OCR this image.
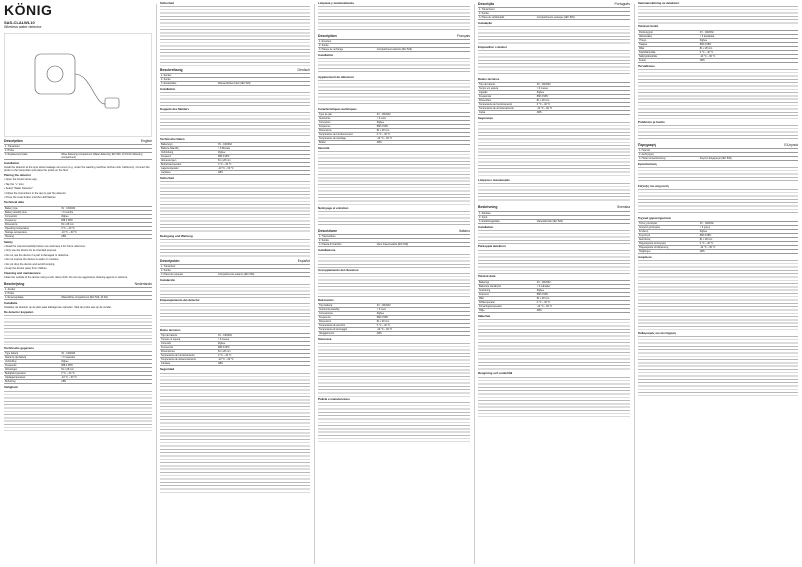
KÖNIG
SAS-CLALWL10
Wireless water detector
Description	English
1. Transmitter	
2. Probe	
3. Replacement plate	Wave flattening compartment (Water-flattening: IEC 529, 10 KΩ for flattening compartment)
Installation

Install the detector at the spot where leakage can occur (e.g. under the washing machine, kitchen sink, bathroom). Connect the probe to the transmitter and place the probe on the floor.

Pairing the detector

• Open the Smart Home app.

• Tap the "+" icon.

• Select "Water Detector".

• Follow the instructions in the app to pair the detector.

• Press the reset button until the LED flashes.

Technical data
Battery type	3V - CR2032
Battery standby time	> 6 months
Connection	Zigbee
Frequency	868.3 MHz
Dimensions	81 x 28 mm
Operating temperature	0 °C ~ 40 °C
Storage temperature	-10 °C ~ 60 °C
Housing	ABS
Safety

• Read the manual carefully before use and keep it for future reference.

• Only use the device for its intended purpose.

• Do not use the device if a part is damaged or defective.

• Do not expose the device to water or moisture.

• Do not drop the device and avoid bumping.

• Keep the device away from children.

Cleaning and maintenance

Clean the outside of the device using a soft, damp cloth. Do not use aggressive cleaning agents or solvents.

Beschrijving	Nederlands
1. Zender	
2. Probe	
3. Reserveplaatje	Waterdichte compartiment (IEC 529, 10 KΩ)
Installatie

Installeer de detector op de plek waar lekkage kan optreden. Sluit de probe aan op de zender.

De detector koppelen
Technische gegevens
Type batterij	3V - CR2032
Stand-by tijd batterij	> 6 maanden
Verbinding	Zigbee
Frequentie	868.3 MHz
Afmetingen	81 x 28 mm
Bedrijfstemperatuur	0 °C ~ 40 °C
Opslagtemperatuur	-10 °C ~ 60 °C
Behuizing	ABS
Veiligheid
Sicherheit
Beschreibung	Deutsch
1. Sender	
2. Sonde	
3. Ersatzplatte	Wasserdichtes Fach (IEC 529)
Installation
Koppeln des Melders
Technische Daten
Batterietyp	3V - CR2032
Batterie-Standby	> 6 Monate
Verbindung	Zigbee
Frequenz	868.3 MHz
Abmessungen	81 x 28 mm
Betriebstemperatur	0 °C ~ 40 °C
Lagertemperatur	-10 °C ~ 60 °C
Gehäuse	ABS
Sicherheit
Reinigung und Wartung
Descripción	Español
1. Transmisor	
2. Sonda	
3. Placa de repuesto	Compartimento estanco (IEC 529)
Instalación
Emparejamiento del detector
Datos técnicos
Tipo de batería	3V - CR2032
Tiempo en espera	> 6 meses
Conexión	Zigbee
Frecuencia	868.3 MHz
Dimensiones	81 x 28 mm
Temperatura de funcionamiento	0 °C ~ 40 °C
Temperatura de almacenamiento	-10 °C ~ 60 °C
Carcasa	ABS
Seguridad
Limpieza y mantenimiento
Description	Français
1. Émetteur	
2. Sonde	
3. Plaque de rechange	Compartiment étanche (IEC 529)
Installation
Appairement du détecteur
Caractéristiques techniques
Type de pile	3V - CR2032
Autonomie	> 6 mois
Connexion	Zigbee
Fréquence	868.3 MHz
Dimensions	81 x 28 mm
Température de fonctionnement	0 °C ~ 40 °C
Température de stockage	-10 °C ~ 60 °C
Boîtier	ABS
Sécurité
Nettoyage et entretien
Descrizione	Italiano
1. Trasmettitore	
2. Sonda	
3. Piastra di ricambio	Vano impermeabile (IEC 529)
Installazione
Accoppiamento del rilevatore
Dati tecnici
Tipo batteria	3V - CR2032
Autonomia standby	> 6 mesi
Connessione	Zigbee
Frequenza	868.3 MHz
Dimensioni	81 x 28 mm
Temperatura di esercizio	0 °C ~ 40 °C
Temperatura di stoccaggio	-10 °C ~ 60 °C
Alloggiamento	ABS
Sicurezza
Pulizia e manutenzione
Descrição	Português
1. Transmissor	
2. Sonda	
3. Placa de substituição	Compartimento estanque (IEC 529)
Instalação
Emparelhar o detetor
Dados técnicos
Tipo de bateria	3V - CR2032
Tempo em espera	> 6 meses
Ligação	Zigbee
Frequência	868.3 MHz
Dimensões	81 x 28 mm
Temperatura de funcionamento	0 °C ~ 40 °C
Temperatura de armazenamento	-10 °C ~ 60 °C
Caixa	ABS
Segurança
Limpeza e manutenção
Beskrivning	Svenska
1. Sändare	
2. Sond	
3. Ersättningsplatta	Vattentätt fack (IEC 529)
Installation
Parkoppla detektorn
Teknisk data
Batterityp	3V - CR2032
Batteriets standbytid	> 6 månader
Anslutning	Zigbee
Frekvens	868.3 MHz
Mått	81 x 28 mm
Drifttemperatur	0 °C ~ 40 °C
Förvaringstemperatur	-10 °C ~ 60 °C
Hölje	ABS
Säkerhet
Rengöring och underhåll
Sammansättning av detektorn
Tekniset tiedot
Paristotyyppi	3V - CR2032
Valmiusaika	> 6 kuukautta
Yhteys	Zigbee
Taajuus	868.3 MHz
Mitat	81 x 28 mm
Käyttölämpötila	0 °C ~ 40 °C
Säilytyslämpötila	-10 °C ~ 60 °C
Kotelo	ABS
Turvallisuus
Puhdistus ja huolto
Περιγραφή	Ελληνικά
1. Πομπός	
2. Αισθητήρας	
3. Πλάκα αντικατάστασης	Στεγανό διαμέρισμα (IEC 529)
Εγκατάσταση
Σύζευξη του ανιχνευτή
Τεχνικά χαρακτηριστικά
Τύπος μπαταρίας	3V - CR2032
Αναμονή μπαταρίας	> 6 μήνες
Σύνδεση	Zigbee
Συχνότητα	868.3 MHz
Διαστάσεις	81 x 28 mm
Θερμοκρασία λειτουργίας	0 °C ~ 40 °C
Θερμοκρασία αποθήκευσης	-10 °C ~ 60 °C
Περίβλημα	ABS
Ασφάλεια
Καθαρισμός και συντήρηση
